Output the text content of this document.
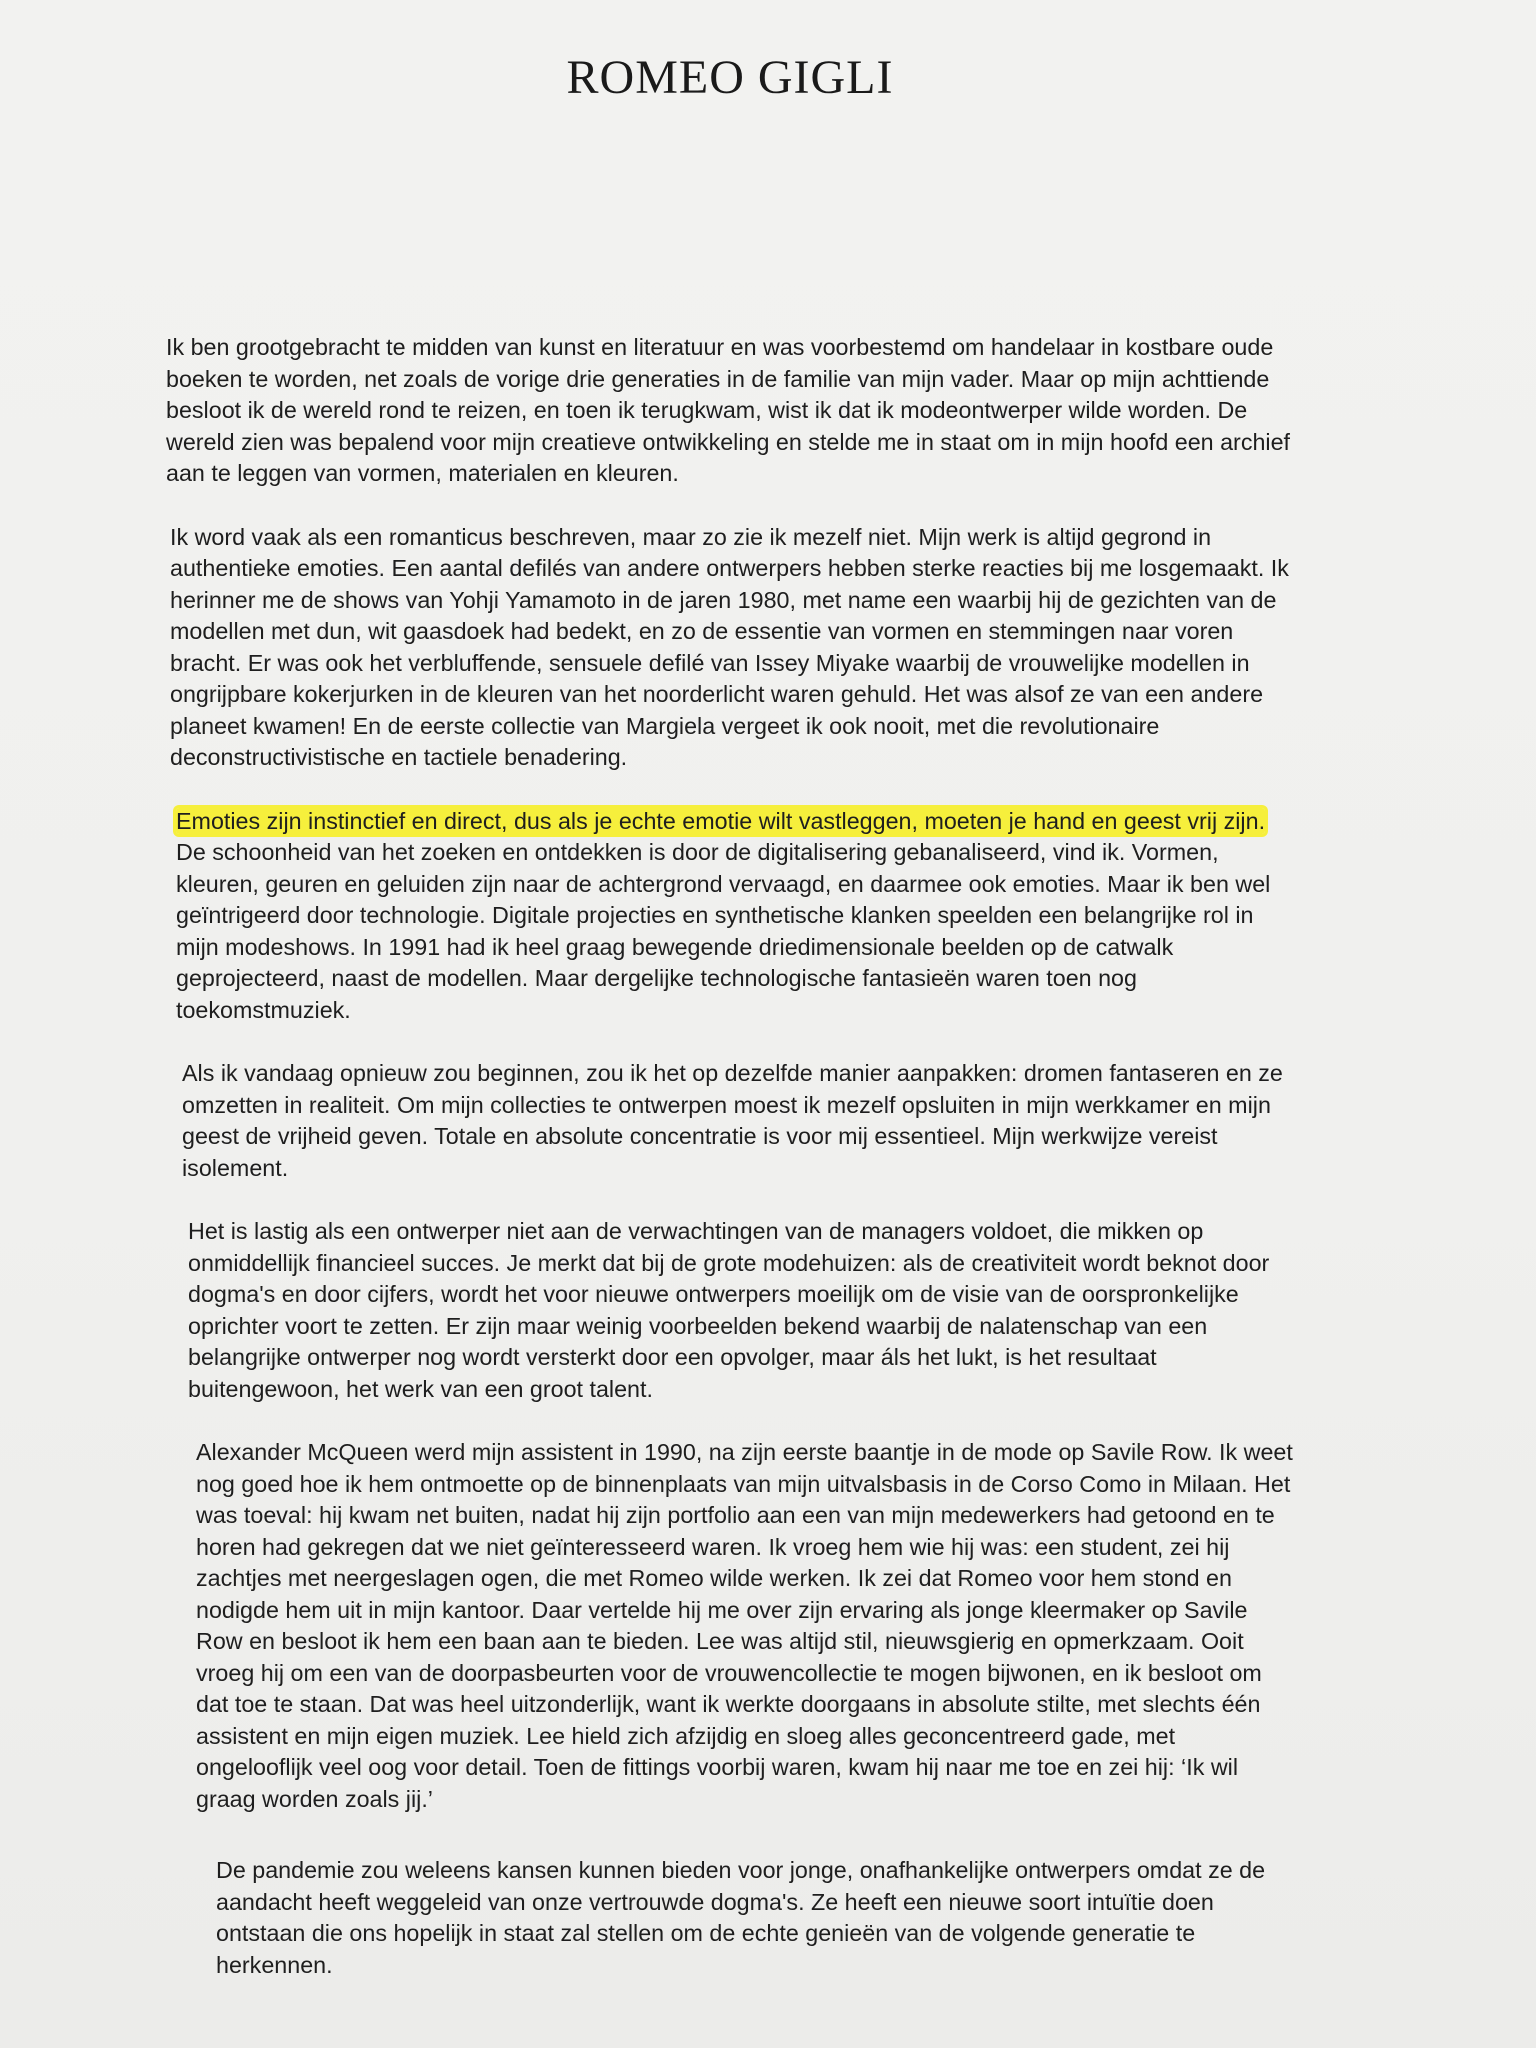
ROMEO GIGLI

Ik ben grootgebracht te midden van kunst en literatuur en was voorbestemd om handelaar in kostbare oude boeken te worden, net zoals de vorige drie generaties in de familie van mijn vader. Maar op mijn achttiende besloot ik de wereld rond te reizen, en toen ik terugkwam, wist ik dat ik modeontwerper wilde worden. De wereld zien was bepalend voor mijn creatieve ontwikkeling en stelde me in staat om in mijn hoofd een archief aan te leggen van vormen, materialen en kleuren.

Ik word vaak als een romanticus beschreven, maar zo zie ik mezelf niet. Mijn werk is altijd gegrond in authentieke emoties. Een aantal defilés van andere ontwerpers hebben sterke reacties bij me losgemaakt. Ik herinner me de shows van Yohji Yamamoto in de jaren 1980, met name een waarbij hij de gezichten van de modellen met dun, wit gaasdoek had bedekt, en zo de essentie van vormen en stemmingen naar voren bracht. Er was ook het verbluffende, sensuele defilé van Issey Miyake waarbij de vrouwelijke modellen in ongrijpbare kokerjurken in de kleuren van het noorderlicht waren gehuld. Het was alsof ze van een andere planeet kwamen! En de eerste collectie van Margiela vergeet ik ook nooit, met die revolutionaire deconstructivistische en tactiele benadering.

Emoties zijn instinctief en direct, dus als je echte emotie wilt vastleggen, moeten je hand en geest vrij zijn. De schoonheid van het zoeken en ontdekken is door de digitalisering gebanaliseerd, vind ik. Vormen, kleuren, geuren en geluiden zijn naar de achtergrond vervaagd, en daarmee ook emoties. Maar ik ben wel geïntrigeerd door technologie. Digitale projecties en synthetische klanken speelden een belangrijke rol in mijn modeshows. In 1991 had ik heel graag bewegende driedimensionale beelden op de catwalk geprojecteerd, naast de modellen. Maar dergelijke technologische fantasieën waren toen nog toekomstmuziek.

Als ik vandaag opnieuw zou beginnen, zou ik het op dezelfde manier aanpakken: dromen fantaseren en ze omzetten in realiteit. Om mijn collecties te ontwerpen moest ik mezelf opsluiten in mijn werkkamer en mijn geest de vrijheid geven. Totale en absolute concentratie is voor mij essentieel. Mijn werkwijze vereist isolement.

Het is lastig als een ontwerper niet aan de verwachtingen van de managers voldoet, die mikken op onmiddellijk financieel succes. Je merkt dat bij de grote modehuizen: als de creativiteit wordt beknot door dogma's en door cijfers, wordt het voor nieuwe ontwerpers moeilijk om de visie van de oorspronkelijke oprichter voort te zetten. Er zijn maar weinig voorbeelden bekend waarbij de nalatenschap van een belangrijke ontwerper nog wordt versterkt door een opvolger, maar áls het lukt, is het resultaat buitengewoon, het werk van een groot talent.

Alexander McQueen werd mijn assistent in 1990, na zijn eerste baantje in de mode op Savile Row. Ik weet nog goed hoe ik hem ontmoette op de binnenplaats van mijn uitvalsbasis in de Corso Como in Milaan. Het was toeval: hij kwam net buiten, nadat hij zijn portfolio aan een van mijn medewerkers had getoond en te horen had gekregen dat we niet geïnteresseerd waren. Ik vroeg hem wie hij was: een student, zei hij zachtjes met neergeslagen ogen, die met Romeo wilde werken. Ik zei dat Romeo voor hem stond en nodigde hem uit in mijn kantoor. Daar vertelde hij me over zijn ervaring als jonge kleermaker op Savile Row en besloot ik hem een baan aan te bieden. Lee was altijd stil, nieuwsgierig en opmerkzaam. Ooit vroeg hij om een van de doorpasbeurten voor de vrouwencollectie te mogen bijwonen, en ik besloot om dat toe te staan. Dat was heel uitzonderlijk, want ik werkte doorgaans in absolute stilte, met slechts één assistent en mijn eigen muziek. Lee hield zich afzijdig en sloeg alles geconcentreerd gade, met ongelooflijk veel oog voor detail. Toen de fittings voorbij waren, kwam hij naar me toe en zei hij: ‘Ik wil graag worden zoals jij.’

De pandemie zou weleens kansen kunnen bieden voor jonge, onafhankelijke ontwerpers omdat ze de aandacht heeft weggeleid van onze vertrouwde dogma's. Ze heeft een nieuwe soort intuïtie doen ontstaan die ons hopelijk in staat zal stellen om de echte genieën van de volgende generatie te herkennen.
